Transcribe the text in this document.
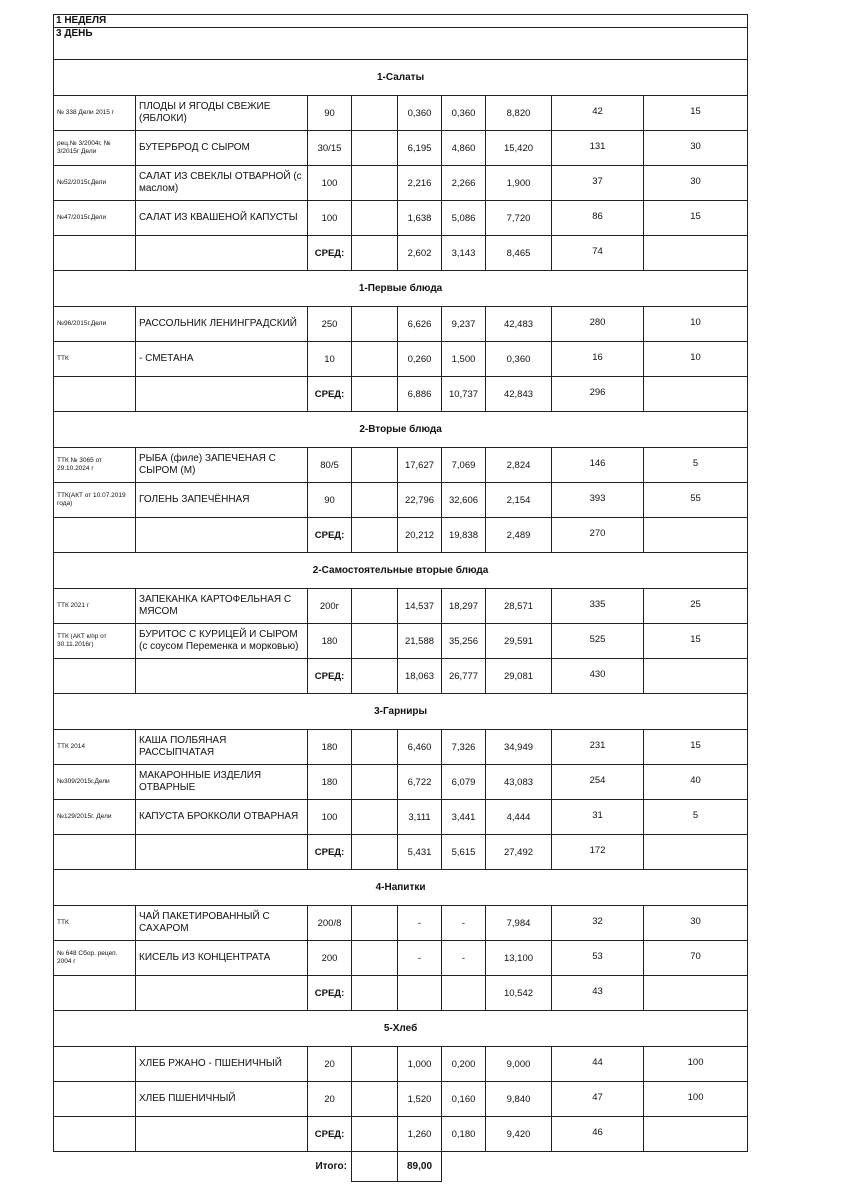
1 НЕДЕЛЯ								
3 ДЕНЬ								
1-Салаты								
№ 338 Дели 2015 г	ПЛОДЫ И ЯГОДЫ СВЕЖИЕ (ЯБЛОКИ)	90		0,360	0,360	8,820	42	15
рец.№ 3/2004г, № 3/2015г Дели	БУТЕРБРОД С СЫРОМ	30/15		6,195	4,860	15,420	131	30
№52/2015г.Дели	САЛАТ ИЗ СВЕКЛЫ ОТВАРНОЙ (с маслом)	100		2,216	2,266	1,900	37	30
№47/2015г.Дели	САЛАТ ИЗ КВАШЕНОЙ КАПУСТЫ	100		1,638	5,086	7,720	86	15
		СРЕД:		2,602	3,143	8,465	74	
1-Первые блюда								
№96/2015г.Дели	РАССОЛЬНИК ЛЕНИНГРАДСКИЙ	250		6,626	9,237	42,483	280	10
ТТК	- СМЕТАНА	10		0,260	1,500	0,360	16	10
		СРЕД:		6,886	10,737	42,843	296	
2-Вторые блюда								
ТТК № 3065 от 29.10.2024 г	РЫБА (филе) ЗАПЕЧЕНАЯ С СЫРОМ (М)	80/5		17,627	7,069	2,824	146	5
ТТК(АКТ от 10.07.2019 года)	ГОЛЕНЬ ЗАПЕЧЁННАЯ	90		22,796	32,606	2,154	393	55
		СРЕД:		20,212	19,838	2,489	270	
2-Самостоятельные вторые блюда								
ТТК 2021 г	ЗАПЕКАНКА КАРТОФЕЛЬНАЯ С МЯСОМ	200г		14,537	18,297	28,571	335	25
ТТК (АКТ к/пр от 30.11.2016г)	БУРИТОС С КУРИЦЕЙ И СЫРОМ (с соусом Переменка и морковью)	180		21,588	35,256	29,591	525	15
		СРЕД:		18,063	26,777	29,081	430	
3-Гарниры								
ТТК 2014	КАША ПОЛБЯНАЯ РАССЫПЧАТАЯ	180		6,460	7,326	34,949	231	15
№309/2015г.Дели	МАКАРОННЫЕ ИЗДЕЛИЯ ОТВАРНЫЕ	180		6,722	6,079	43,083	254	40
№129/2015г. Дели	КАПУСТА БРОККОЛИ ОТВАРНАЯ	100		3,111	3,441	4,444	31	5
		СРЕД:		5,431	5,615	27,492	172	
4-Напитки								
ТТК	ЧАЙ ПАКЕТИРОВАННЫЙ С САХАРОМ	200/8		-	-	7,984	32	30
№ 648 Сбор. рецеп. 2004 г	КИСЕЛЬ ИЗ КОНЦЕНТРАТА	200		-	-	13,100	53	70
		СРЕД:				10,542	43	
5-Хлеб								
	ХЛЕБ РЖАНО - ПШЕНИЧНЫЙ	20		1,000	0,200	9,000	44	100
	ХЛЕБ ПШЕНИЧНЫЙ	20		1,520	0,160	9,840	47	100
		СРЕД:		1,260	0,180	9,420	46	
Итого:				89,00				
